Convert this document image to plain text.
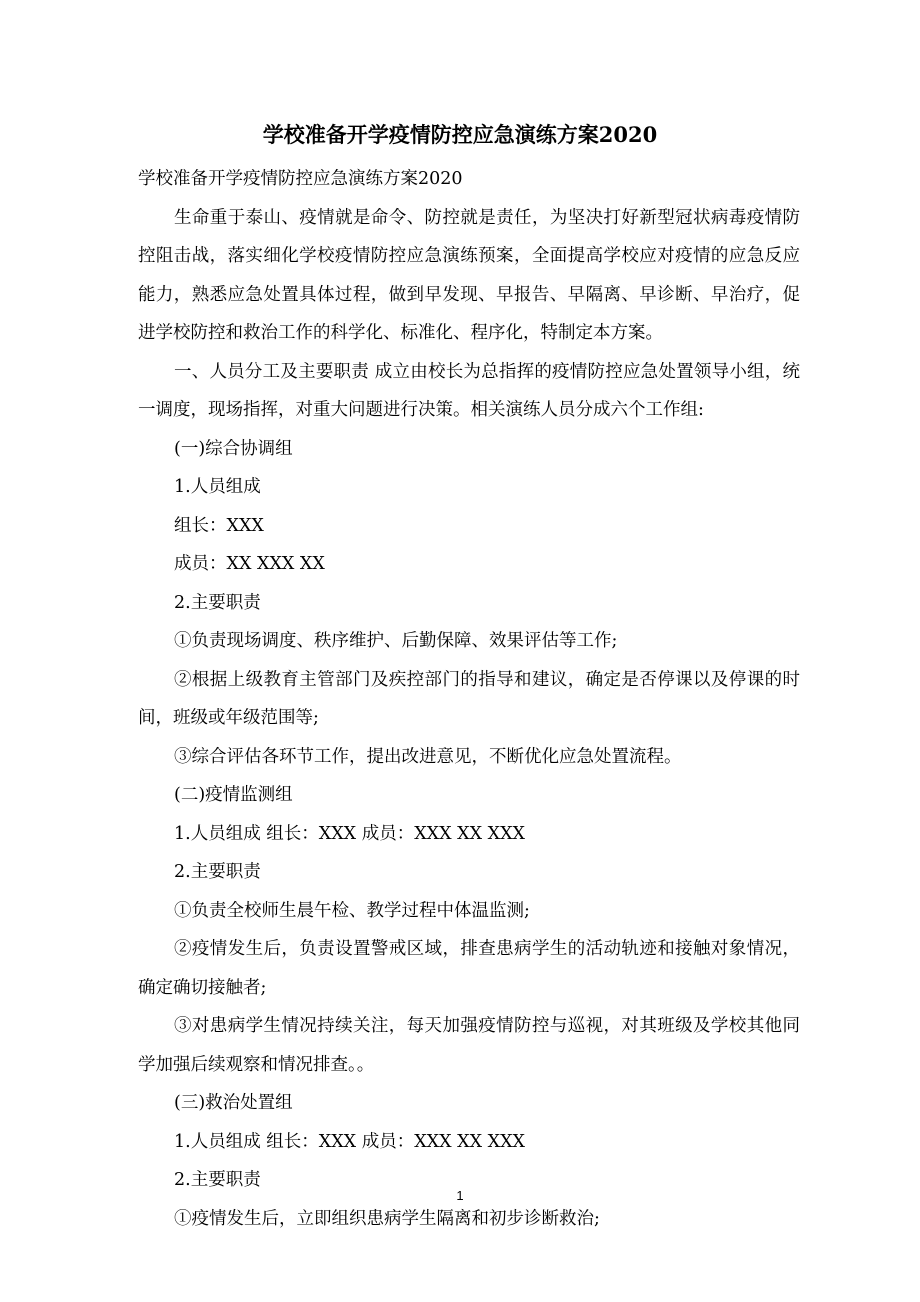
学校准备开学疫情防控应急演练方案2020

学校准备开学疫情防控应急演练方案2020

生命重于泰山、疫情就是命令、防控就是责任，为坚决打好新型冠状病毒疫情防控阻击战，落实细化学校疫情防控应急演练预案，全面提高学校应对疫情的应急反应能力，熟悉应急处置具体过程，做到早发现、早报告、早隔离、早诊断、早治疗，促进学校防控和救治工作的科学化、标准化、程序化，特制定本方案。

一、人员分工及主要职责 成立由校长为总指挥的疫情防控应急处置领导小组，统一调度，现场指挥，对重大问题进行决策。相关演练人员分成六个工作组:

(一)综合协调组

1.人员组成

组长：XXX

成员：XX XXX XX

2.主要职责

①负责现场调度、秩序维护、后勤保障、效果评估等工作;

②根据上级教育主管部门及疾控部门的指导和建议，确定是否停课以及停课的时间，班级或年级范围等;

③综合评估各环节工作，提出改进意见，不断优化应急处置流程。

(二)疫情监测组

1.人员组成 组长：XXX 成员：XXX XX XXX

2.主要职责

①负责全校师生晨午检、教学过程中体温监测;

②疫情发生后，负责设置警戒区域，排查患病学生的活动轨迹和接触对象情况，确定确切接触者;

③对患病学生情况持续关注，每天加强疫情防控与巡视，对其班级及学校其他同学加强后续观察和情况排查。。

(三)救治处置组

1.人员组成 组长：XXX 成员：XXX XX XXX

2.主要职责

①疫情发生后，立即组织患病学生隔离和初步诊断救治;

1
